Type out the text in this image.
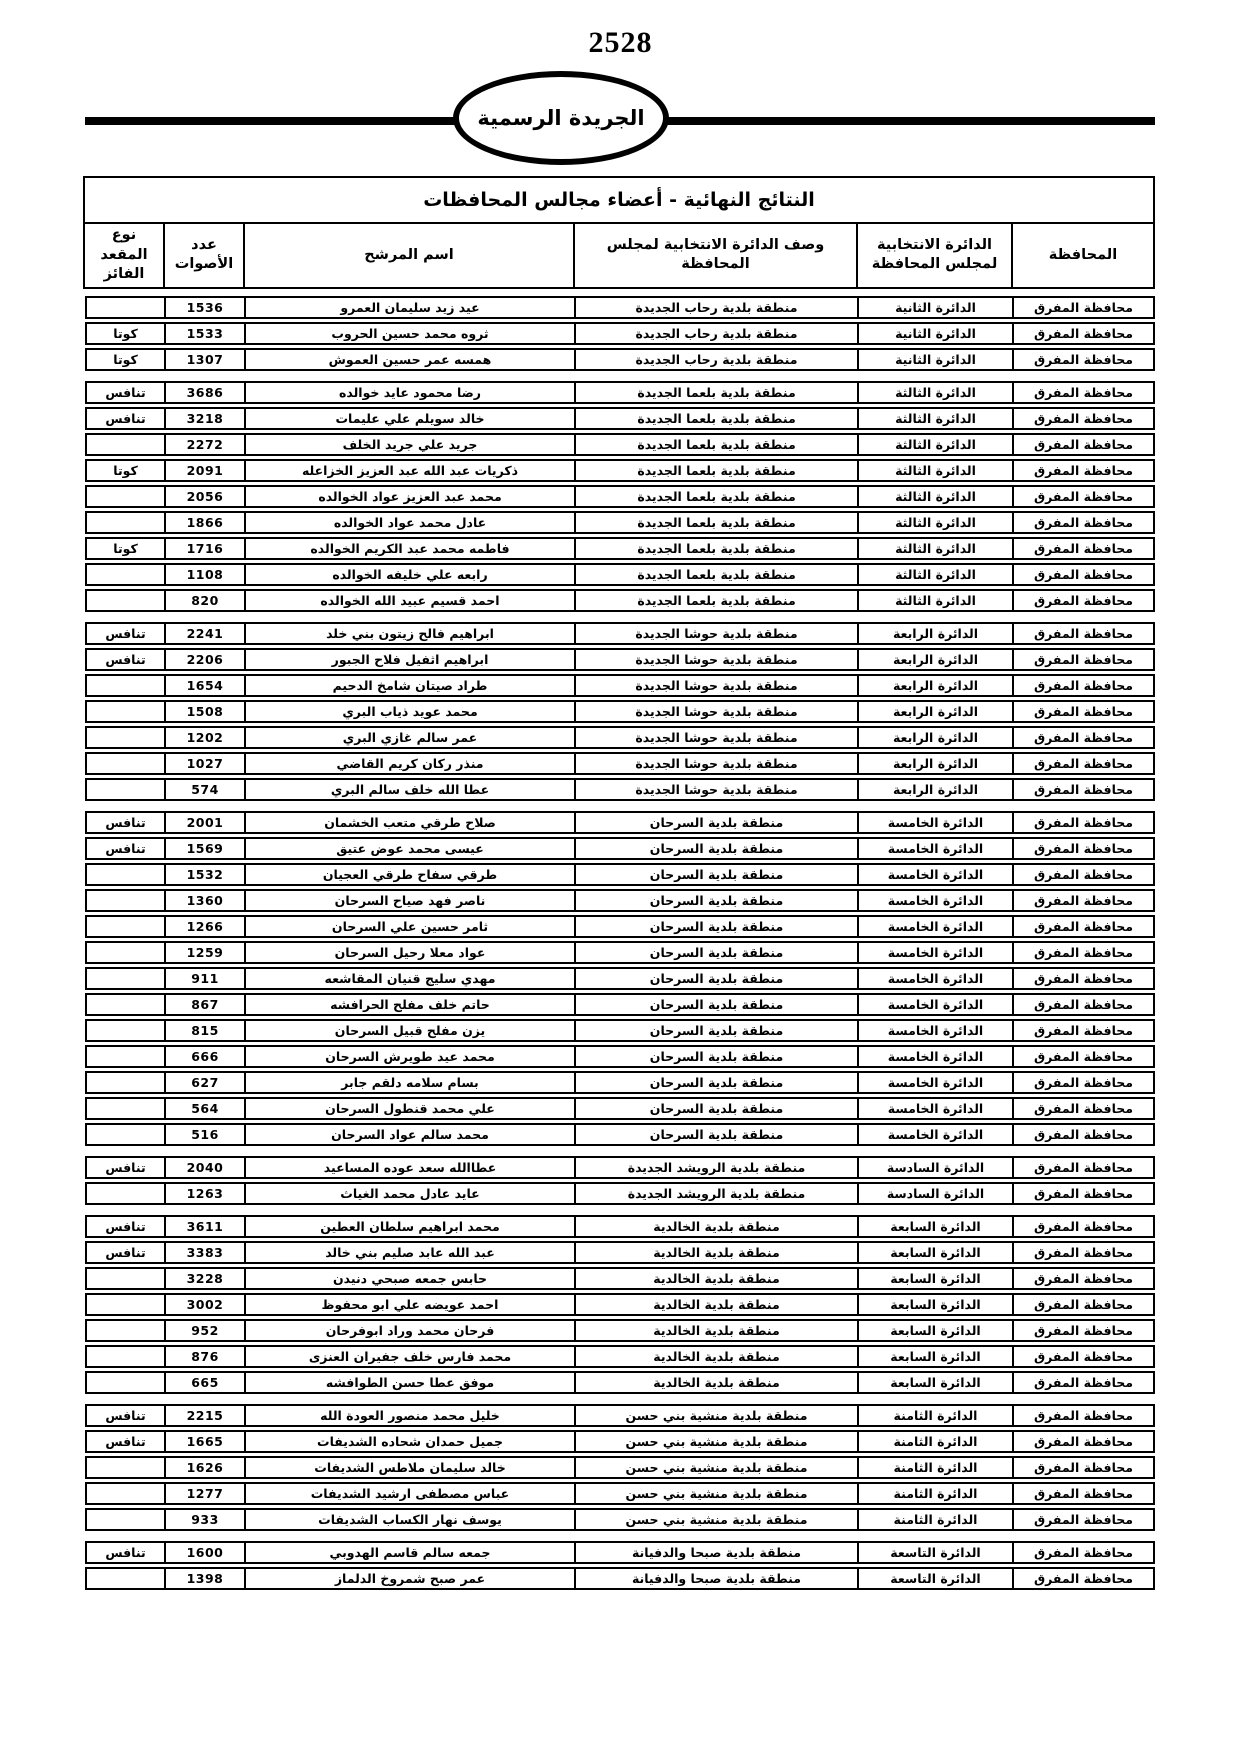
2528
الجريدة الرسمية
النتائج النهائية - أعضاء مجالس المحافظات
المحافظة	الدائرة الانتخابية لمجلس المحافظة	وصف الدائرة الانتخابية لمجلس المحافظة	اسم المرشح	عدد الأصوات	نوع المقعد الفائز
محافظة المفرق	الدائرة الثانية	منطقة بلدية رحاب الجديدة	عيد زيد سليمان العمرو	1536	
محافظة المفرق	الدائرة الثانية	منطقة بلدية رحاب الجديدة	ثروه محمد حسين الحروب	1533	كوتا
محافظة المفرق	الدائرة الثانية	منطقة بلدية رحاب الجديدة	همسه عمر حسين العموش	1307	كوتا
محافظة المفرق	الدائرة الثالثة	منطقة بلدية بلعما الجديدة	رضا محمود عايد خوالده	3686	تنافس
محافظة المفرق	الدائرة الثالثة	منطقة بلدية بلعما الجديدة	خالد سويلم علي عليمات	3218	تنافس
محافظة المفرق	الدائرة الثالثة	منطقة بلدية بلعما الجديدة	جريد علي جريد الخلف	2272	
محافظة المفرق	الدائرة الثالثة	منطقة بلدية بلعما الجديدة	ذكريات عبد الله عبد العزيز الخزاعله	2091	كوتا
محافظة المفرق	الدائرة الثالثة	منطقة بلدية بلعما الجديدة	محمد عبد العزيز عواد الخوالده	2056	
محافظة المفرق	الدائرة الثالثة	منطقة بلدية بلعما الجديدة	عادل محمد عواد الخوالده	1866	
محافظة المفرق	الدائرة الثالثة	منطقة بلدية بلعما الجديدة	فاطمه محمد عبد الكريم الخوالده	1716	كوتا
محافظة المفرق	الدائرة الثالثة	منطقة بلدية بلعما الجديدة	رابعه علي خليفه الخوالده	1108	
محافظة المفرق	الدائرة الثالثة	منطقة بلدية بلعما الجديدة	احمد قسيم عبيد الله الخوالده	820	
محافظة المفرق	الدائرة الرابعة	منطقة بلدية حوشا الجديدة	ابراهيم فالح زيتون بني خلد	2241	تنافس
محافظة المفرق	الدائرة الرابعة	منطقة بلدية حوشا الجديدة	ابراهيم اثفيل فلاح الجبور	2206	تنافس
محافظة المفرق	الدائرة الرابعة	منطقة بلدية حوشا الجديدة	طراد صيتان شامخ الدحيم	1654	
محافظة المفرق	الدائرة الرابعة	منطقة بلدية حوشا الجديدة	محمد عويد ذياب البري	1508	
محافظة المفرق	الدائرة الرابعة	منطقة بلدية حوشا الجديدة	عمر سالم غازي البري	1202	
محافظة المفرق	الدائرة الرابعة	منطقة بلدية حوشا الجديدة	منذر ركان كريم القاضي	1027	
محافظة المفرق	الدائرة الرابعة	منطقة بلدية حوشا الجديدة	عطا الله خلف سالم البري	574	
محافظة المفرق	الدائرة الخامسة	منطقة بلدية السرحان	صلاح طرقي متعب الخشمان	2001	تنافس
محافظة المفرق	الدائرة الخامسة	منطقة بلدية السرحان	عيسى محمد عوض عتيق	1569	تنافس
محافظة المفرق	الدائرة الخامسة	منطقة بلدية السرحان	طرقي سفاح طرقي العجيان	1532	
محافظة المفرق	الدائرة الخامسة	منطقة بلدية السرحان	ناصر فهد صياح السرحان	1360	
محافظة المفرق	الدائرة الخامسة	منطقة بلدية السرحان	ثامر حسين علي السرحان	1266	
محافظة المفرق	الدائرة الخامسة	منطقة بلدية السرحان	عواد معلا رحيل السرحان	1259	
محافظة المفرق	الدائرة الخامسة	منطقة بلدية السرحان	مهدي سليج قنيان المقاشعه	911	
محافظة المفرق	الدائرة الخامسة	منطقة بلدية السرحان	حاتم خلف مفلح الحرافشه	867	
محافظة المفرق	الدائرة الخامسة	منطقة بلدية السرحان	يزن مفلح قبيل السرحان	815	
محافظة المفرق	الدائرة الخامسة	منطقة بلدية السرحان	محمد عيد طويرش السرحان	666	
محافظة المفرق	الدائرة الخامسة	منطقة بلدية السرحان	بسام سلامه دلقم جابر	627	
محافظة المفرق	الدائرة الخامسة	منطقة بلدية السرحان	علي محمد قنطول السرحان	564	
محافظة المفرق	الدائرة الخامسة	منطقة بلدية السرحان	محمد سالم عواد السرحان	516	
محافظة المفرق	الدائرة السادسة	منطقة بلدية الرويشد الجديدة	عطاالله سعد عوده المساعيد	2040	تنافس
محافظة المفرق	الدائرة السادسة	منطقة بلدية الرويشد الجديدة	عايد عادل محمد الغياث	1263	
محافظة المفرق	الدائرة السابعة	منطقة بلدية الخالدية	محمد ابراهيم سلطان العطين	3611	تنافس
محافظة المفرق	الدائرة السابعة	منطقة بلدية الخالدية	عبد الله عابد صليم بني خالد	3383	تنافس
محافظة المفرق	الدائرة السابعة	منطقة بلدية الخالدية	حابس جمعه صبحي دنيدن	3228	
محافظة المفرق	الدائرة السابعة	منطقة بلدية الخالدية	احمد عويضه علي ابو محفوظ	3002	
محافظة المفرق	الدائرة السابعة	منطقة بلدية الخالدية	فرحان محمد وراد ابوفرحان	952	
محافظة المفرق	الدائرة السابعة	منطقة بلدية الخالدية	محمد فارس خلف جفيران العنزى	876	
محافظة المفرق	الدائرة السابعة	منطقة بلدية الخالدية	موفق عطا حسن الطوافشه	665	
محافظة المفرق	الدائرة الثامنة	منطقة بلدية منشية بني حسن	خليل محمد منصور العودة الله	2215	تنافس
محافظة المفرق	الدائرة الثامنة	منطقة بلدية منشية بني حسن	جميل حمدان شحاده الشديفات	1665	تنافس
محافظة المفرق	الدائرة الثامنة	منطقة بلدية منشية بني حسن	خالد سليمان ملاطس الشديفات	1626	
محافظة المفرق	الدائرة الثامنة	منطقة بلدية منشية بني حسن	عباس مصطفى ارشيد الشديفات	1277	
محافظة المفرق	الدائرة الثامنة	منطقة بلدية منشية بني حسن	يوسف نهار الكساب الشديفات	933	
محافظة المفرق	الدائرة التاسعة	منطقة بلدية صبحا والدفيانة	جمعه سالم قاسم الهدوبي	1600	تنافس
محافظة المفرق	الدائرة التاسعة	منطقة بلدية صبحا والدفيانة	عمر صبح شمروخ الدلماز	1398	
